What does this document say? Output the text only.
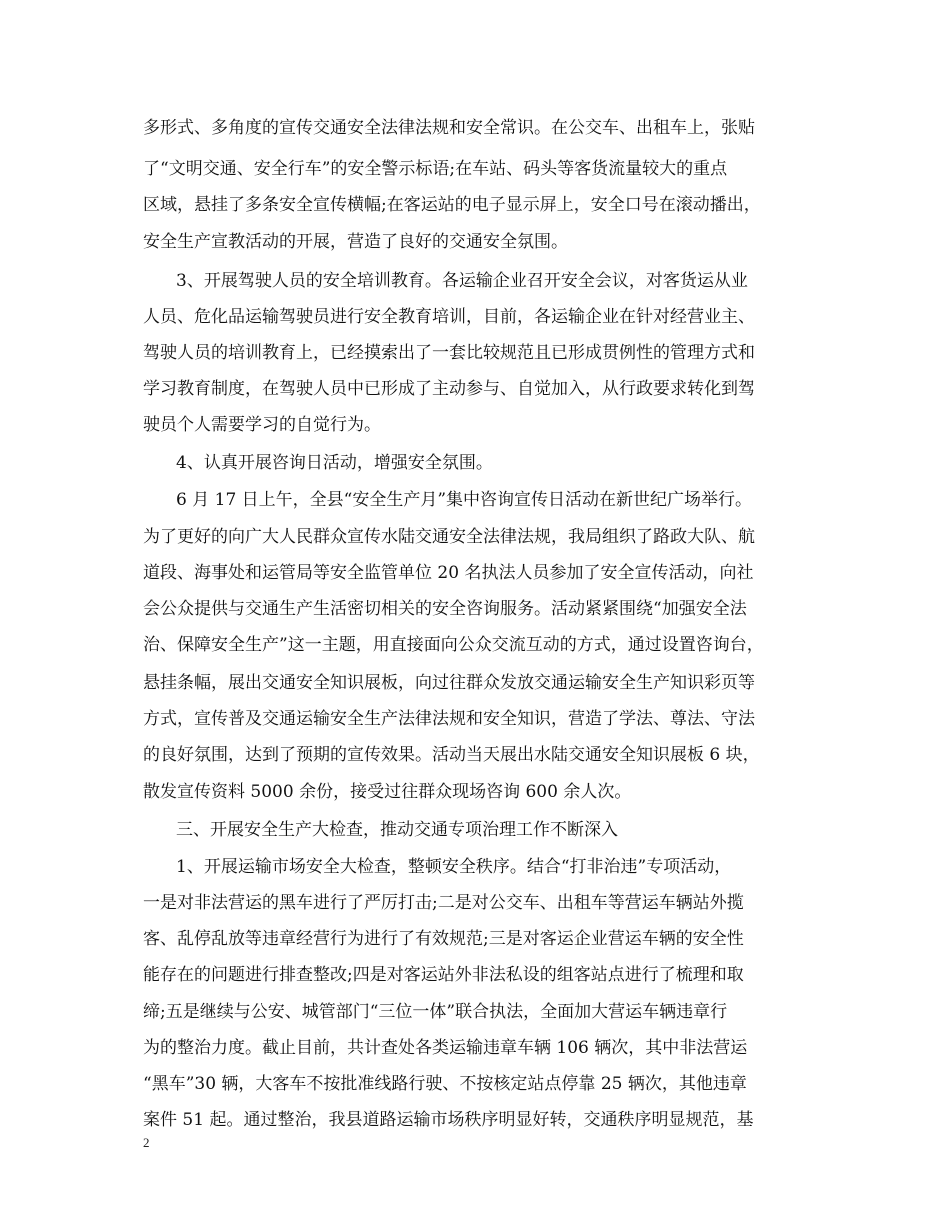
多形式、多角度的宣传交通安全法律法规和安全常识。在公交车、出租车上，张贴
了“文明交通、安全行车”的安全警示标语;在车站、码头等客货流量较大的重点
区域，悬挂了多条安全宣传横幅;在客运站的电子显示屏上，安全口号在滚动播出，
安全生产宣教活动的开展，营造了良好的交通安全氛围。
3、开展驾驶人员的安全培训教育。各运输企业召开安全会议，对客货运从业
人员、危化品运输驾驶员进行安全教育培训，目前，各运输企业在针对经营业主、
驾驶人员的培训教育上，已经摸索出了一套比较规范且已形成贯例性的管理方式和
学习教育制度，在驾驶人员中已形成了主动参与、自觉加入，从行政要求转化到驾
驶员个人需要学习的自觉行为。
4、认真开展咨询日活动，增强安全氛围。
6 月 17 日上午，全县“安全生产月”集中咨询宣传日活动在新世纪广场举行。
为了更好的向广大人民群众宣传水陆交通安全法律法规，我局组织了路政大队、航
道段、海事处和运管局等安全监管单位 20 名执法人员参加了安全宣传活动，向社
会公众提供与交通生产生活密切相关的安全咨询服务。活动紧紧围绕“加强安全法
治、保障安全生产”这一主题，用直接面向公众交流互动的方式，通过设置咨询台，
悬挂条幅，展出交通安全知识展板，向过往群众发放交通运输安全生产知识彩页等
方式，宣传普及交通运输安全生产法律法规和安全知识，营造了学法、尊法、守法
的良好氛围，达到了预期的宣传效果。活动当天展出水陆交通安全知识展板 6 块，
散发宣传资料 5000 余份，接受过往群众现场咨询 600 余人次。
三、开展安全生产大检查，推动交通专项治理工作不断深入
1、开展运输市场安全大检查，整顿安全秩序。结合“打非治违”专项活动，
一是对非法营运的黑车进行了严厉打击;二是对公交车、出租车等营运车辆站外揽
客、乱停乱放等违章经营行为进行了有效规范;三是对客运企业营运车辆的安全性
能存在的问题进行排查整改;四是对客运站外非法私设的组客站点进行了梳理和取
缔;五是继续与公安、城管部门“三位一体”联合执法，全面加大营运车辆违章行
为的整治力度。截止目前，共计查处各类运输违章车辆 106 辆次，其中非法营运
“黑车”30 辆，大客车不按批准线路行驶、不按核定站点停靠 25 辆次，其他违章
案件 51 起。通过整治，我县道路运输市场秩序明显好转，交通秩序明显规范，基
2
